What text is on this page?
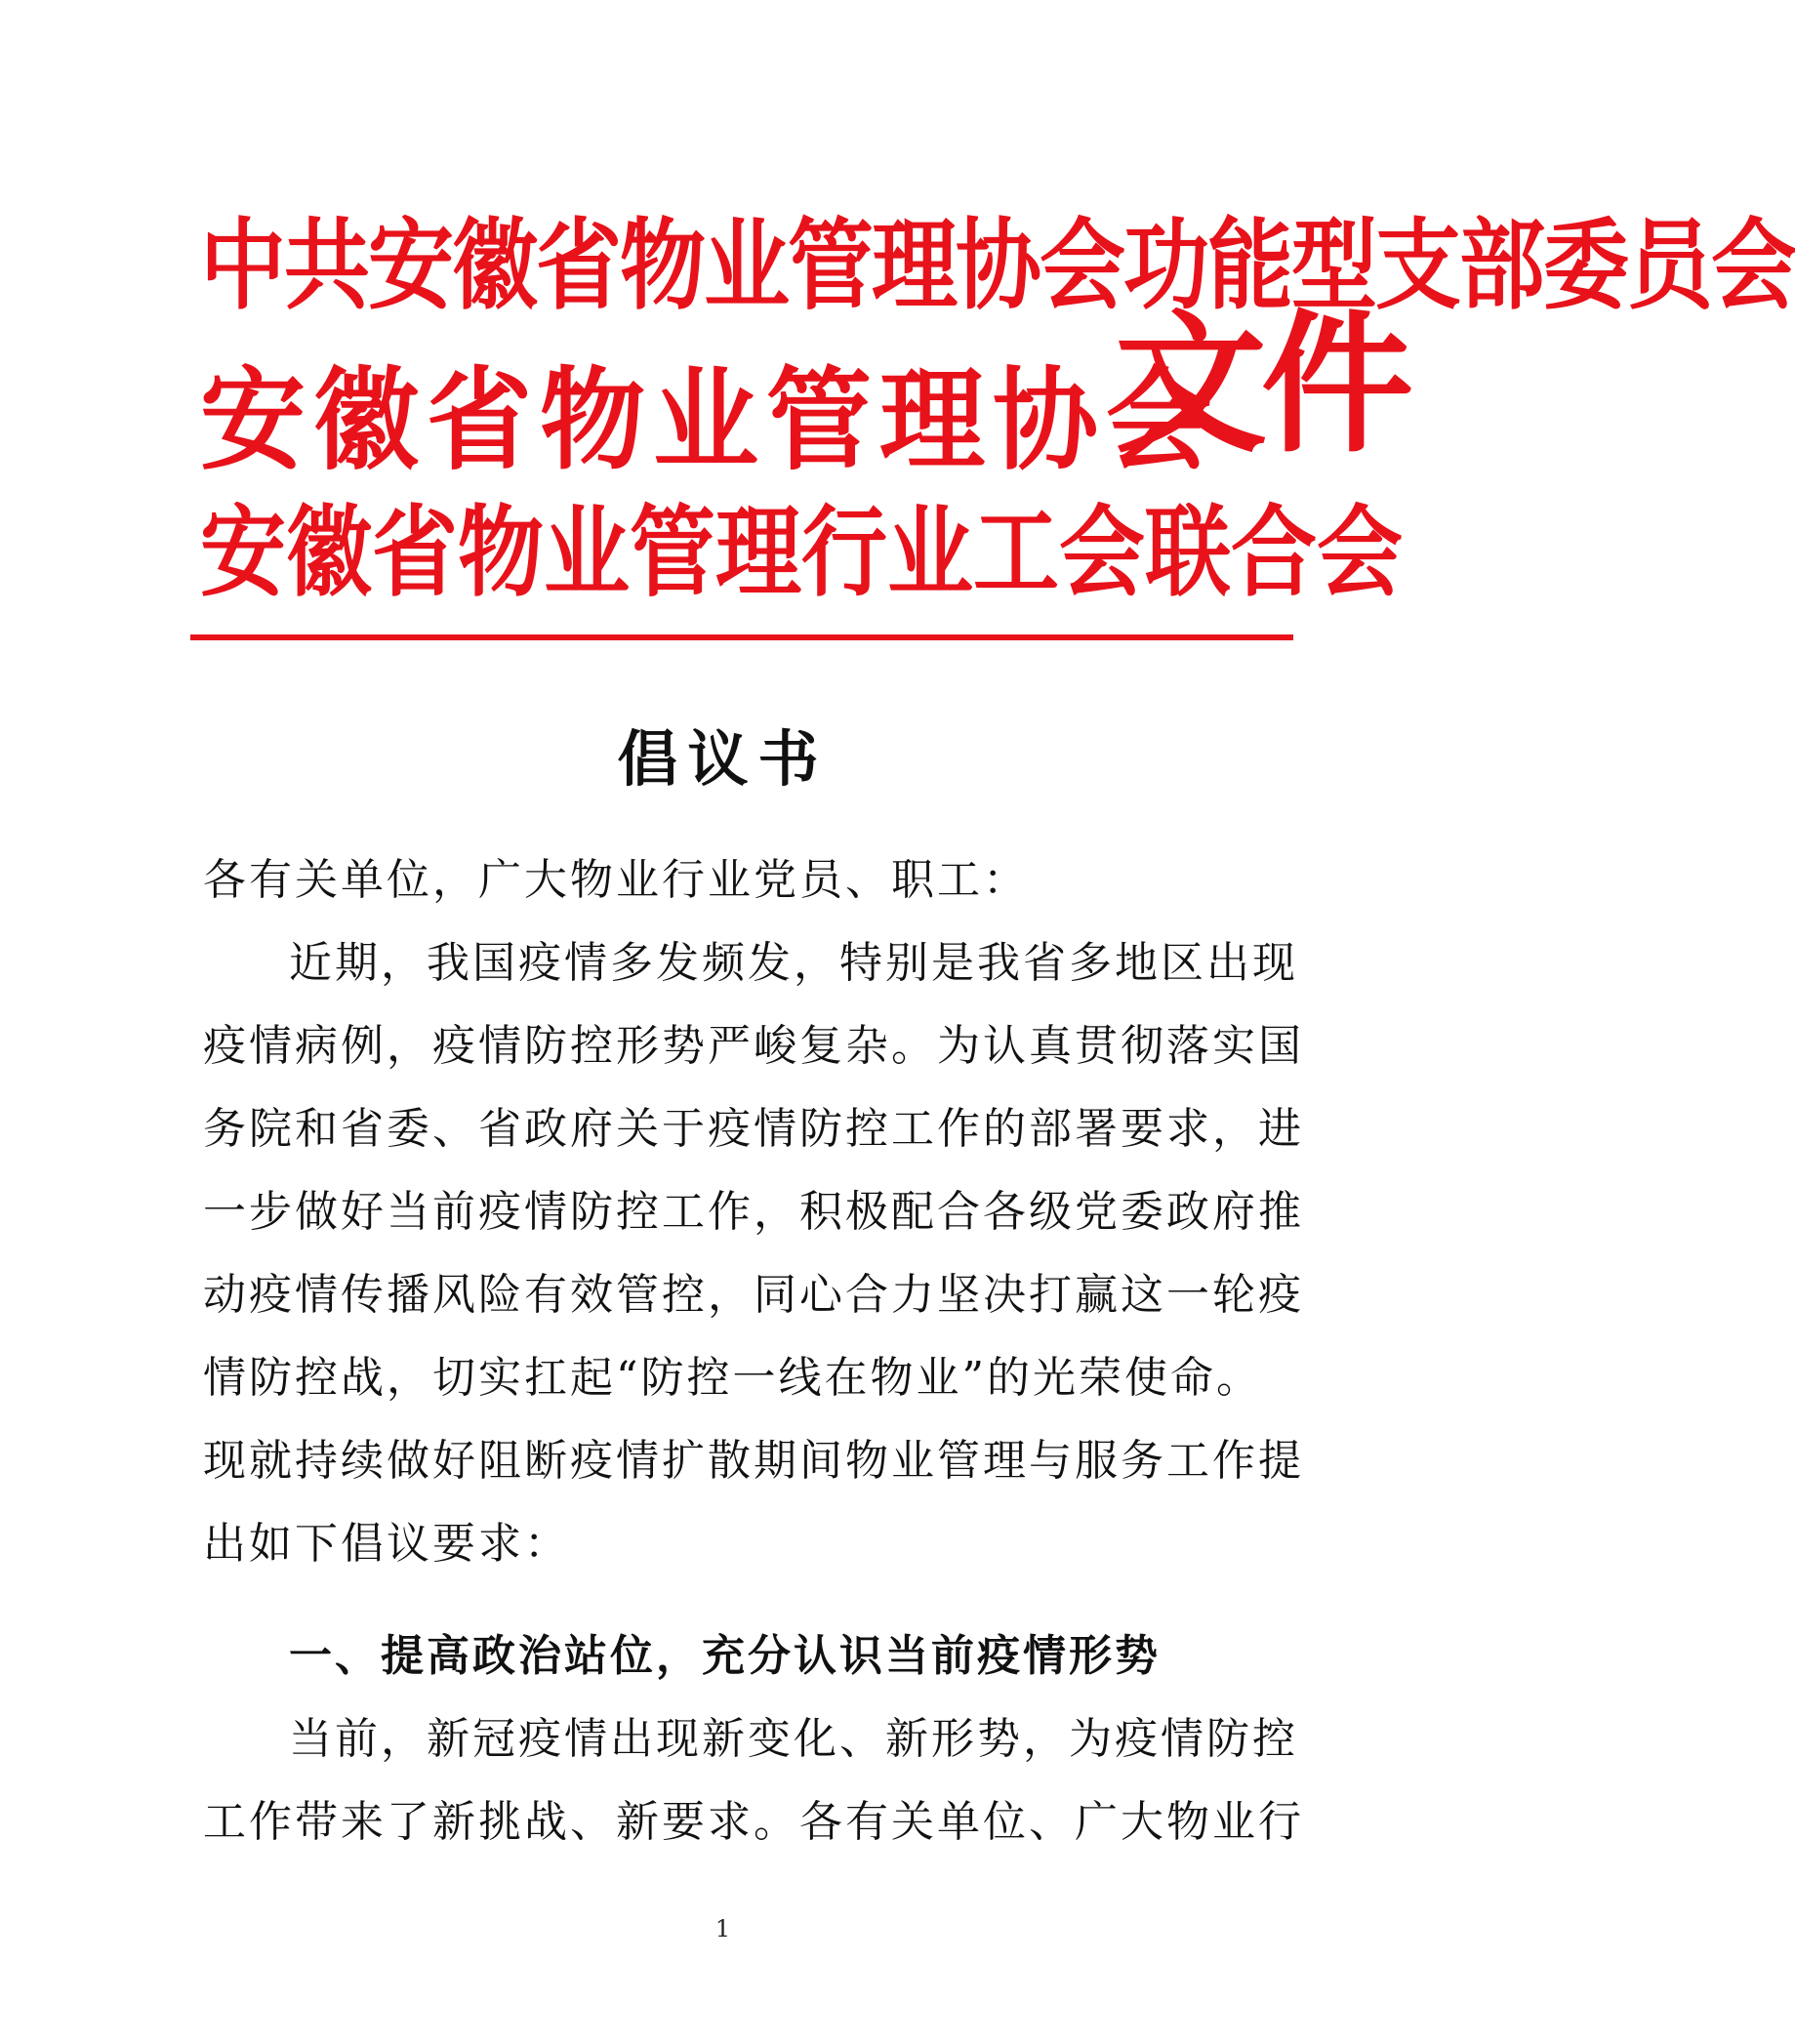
中共安徽省物业管理协会功能型支部委员会
安徽省物业管理协会
安徽省物业管理行业工会联合会
文件
倡议书
各有关单位，广大物业行业党员、职工：
近期，我国疫情多发频发，特别是我省多地区出现
疫情病例，疫情防控形势严峻复杂。为认真贯彻落实国
务院和省委、省政府关于疫情防控工作的部署要求，进
一步做好当前疫情防控工作，积极配合各级党委政府推
动疫情传播风险有效管控，同心合力坚决打赢这一轮疫
情防控战，切实扛起“防控一线在物业”的光荣使命。
现就持续做好阻断疫情扩散期间物业管理与服务工作提
出如下倡议要求：
一、提高政治站位，充分认识当前疫情形势
当前，新冠疫情出现新变化、新形势，为疫情防控
工作带来了新挑战、新要求。各有关单位、广大物业行
1
